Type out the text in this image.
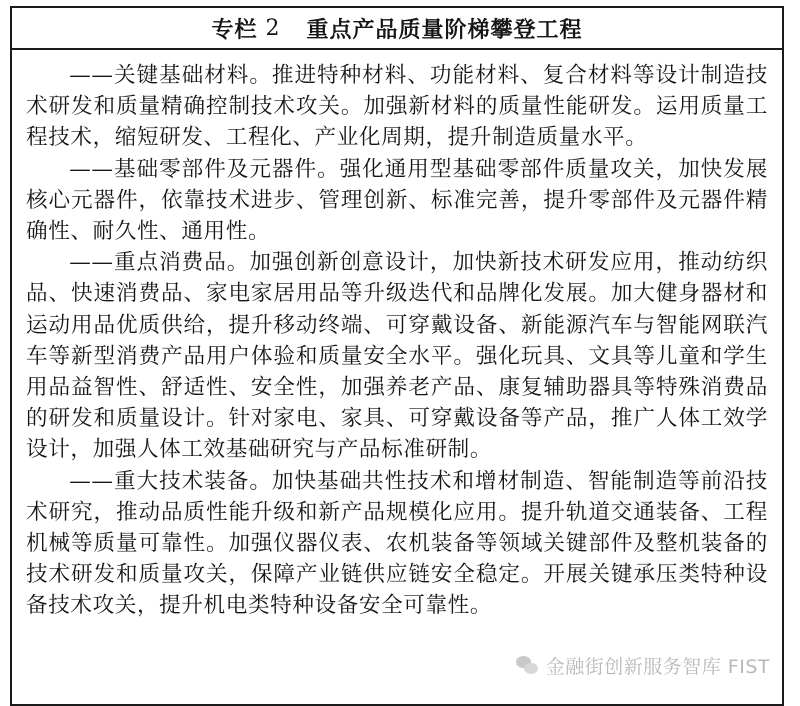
专栏 2 重点产品质量阶梯攀登工程

——关键基础材料。推进特种材料、功能材料、复合材料等设计制造技术研发和质量精确控制技术攻关。加强新材料的质量性能研发。运用质量工程技术，缩短研发、工程化、产业化周期，提升制造质量水平。

——基础零部件及元器件。强化通用型基础零部件质量攻关，加快发展核心元器件，依靠技术进步、管理创新、标准完善，提升零部件及元器件精确性、耐久性、通用性。

——重点消费品。加强创新创意设计，加快新技术研发应用，推动纺织品、快速消费品、家电家居用品等升级迭代和品牌化发展。加大健身器材和运动用品优质供给，提升移动终端、可穿戴设备、新能源汽车与智能网联汽车等新型消费产品用户体验和质量安全水平。强化玩具、文具等儿童和学生用品益智性、舒适性、安全性，加强养老产品、康复辅助器具等特殊消费品的研发和质量设计。针对家电、家具、可穿戴设备等产品，推广人体工效学设计，加强人体工效基础研究与产品标准研制。

——重大技术装备。加快基础共性技术和增材制造、智能制造等前沿技术研究，推动品质性能升级和新产品规模化应用。提升轨道交通装备、工程机械等质量可靠性。加强仪器仪表、农机装备等领域关键部件及整机装备的技术研发和质量攻关，保障产业链供应链安全稳定。开展关键承压类特种设备技术攻关，提升机电类特种设备安全可靠性。

金融街创新服务智库 FIST
